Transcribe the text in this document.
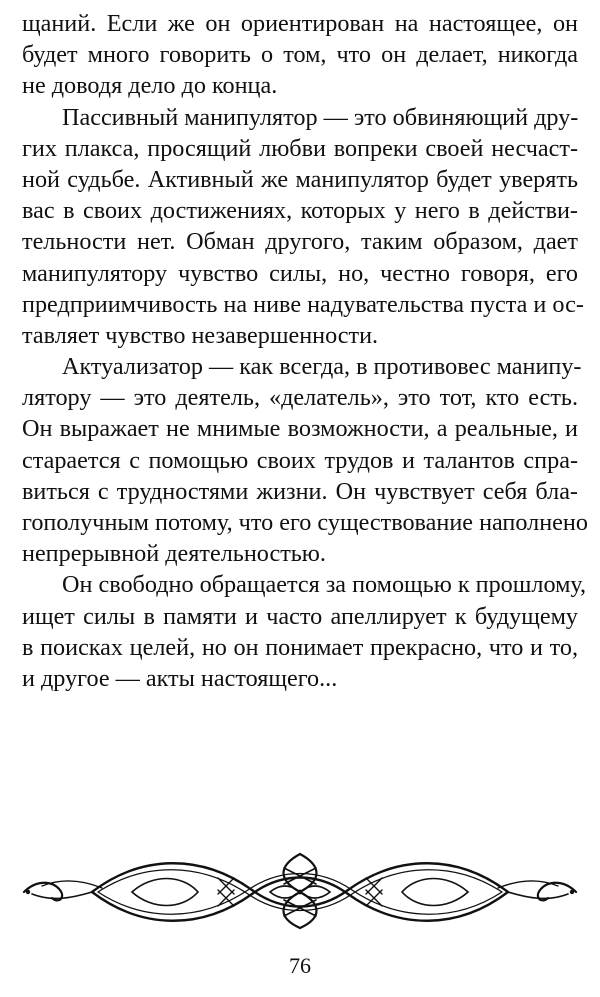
щаний. Если же он ориентирован на настоящее, он
будет много говорить о том, что он делает, никогда
не доводя дело до конца.
Пассивный манипулятор — это обвиняющий дру-
гих плакса, просящий любви вопреки своей несчаст-
ной судьбе. Активный же манипулятор будет уверять
вас в своих достижениях, которых у него в действи-
тельности нет. Обман другого, таким образом, дает
манипулятору чувство силы, но, честно говоря, его
предприимчивость на ниве надувательства пуста и ос-
тавляет чувство незавершенности.
Актуализатор — как всегда, в противовес манипу-
лятору — это деятель, «делатель», это тот, кто есть.
Он выражает не мнимые возможности, а реальные, и
старается с помощью своих трудов и талантов спра-
виться с трудностями жизни. Он чувствует себя бла-
гополучным потому, что его существование наполнено
непрерывной деятельностью.
Он свободно обращается за помощью к прошлому,
ищет силы в памяти и часто апеллирует к будущему
в поисках целей, но он понимает прекрасно, что и то,
и другое — акты настоящего...
76
